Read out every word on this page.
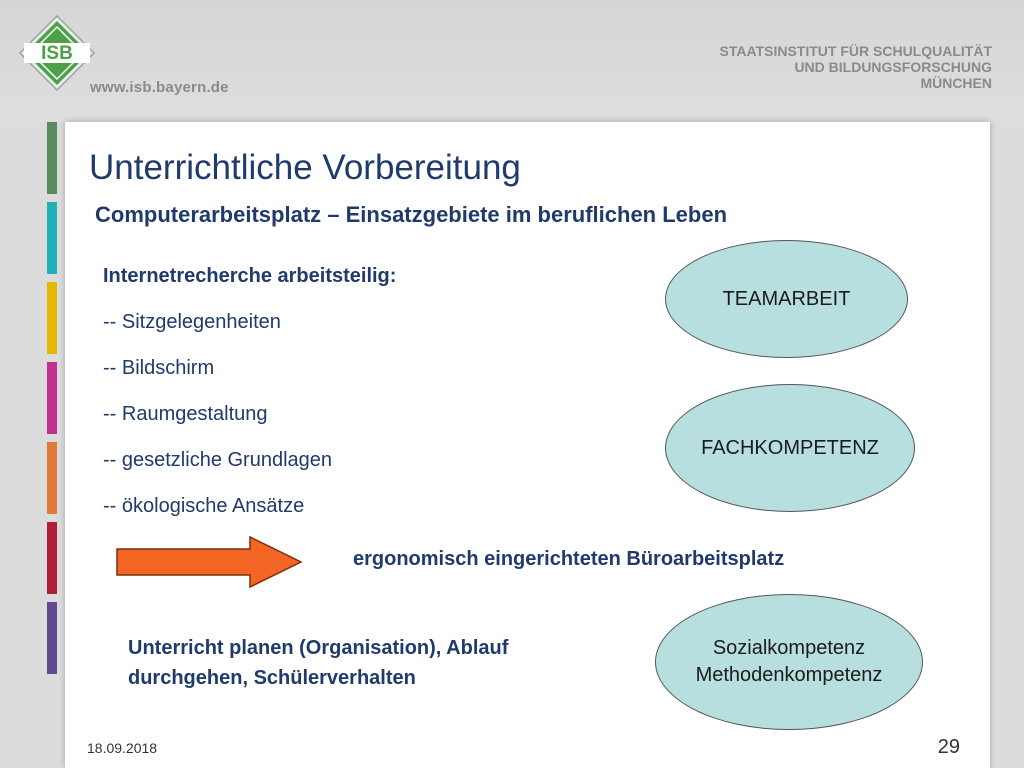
ISB
www.isb.bayern.de
STAATSINSTITUT FÜR SCHULQUALITÄT
UND BILDUNGSFORSCHUNG
MÜNCHEN
Unterrichtliche Vorbereitung
Computerarbeitsplatz – Einsatzgebiete im beruflichen Leben
Internetrecherche arbeitsteilig:
-- Sitzgelegenheiten
-- Bildschirm
-- Raumgestaltung
-- gesetzliche Grundlagen
-- ökologische Ansätze
ergonomisch eingerichteten Büroarbeitsplatz
Unterricht planen (Organisation), Ablauf
durchgehen, Schülerverhalten
TEAMARBEIT
FACHKOMPETENZ
Sozialkompetenz
Methodenkompetenz
18.09.2018	29
